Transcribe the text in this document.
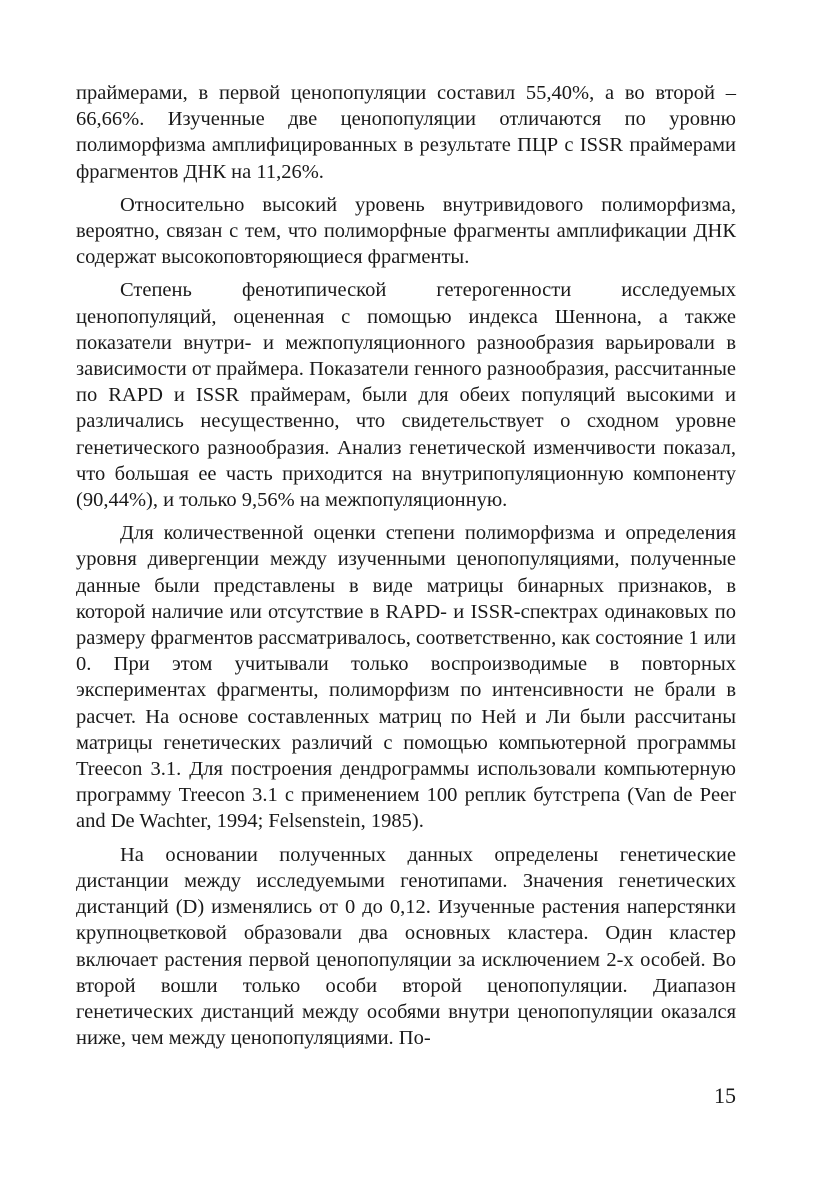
праймерами, в первой ценопопуляции составил 55,40%, а во второй – 66,66%. Изученные две ценопопуляции отличаются по уровню полиморфизма амплифицированных в результате ПЦР с ISSR праймерами фрагментов ДНК на 11,26%.

Относительно высокий уровень внутривидового полиморфизма, вероятно, связан с тем, что полиморфные фрагменты амплификации ДНК содержат высокоповторяющиеся фрагменты.

Степень фенотипической гетерогенности исследуемых ценопопуляций, оцененная с помощью индекса Шеннона, а также показатели внутри- и межпопуляционного разнообразия варьировали в зависимости от праймера. Показатели генного разнообразия, рассчитанные по RAPD и ISSR праймерам, были для обеих популяций высокими и различались несущественно, что свидетельствует о сходном уровне генетического разнообразия. Анализ генетической изменчивости показал, что большая ее часть приходится на внутрипопуляционную компоненту (90,44%), и только 9,56% на межпопуляционную.

Для количественной оценки степени полиморфизма и определения уровня дивергенции между изученными ценопопуляциями, полученные данные были представлены в виде матрицы бинарных признаков, в которой наличие или отсутствие в RAPD- и ISSR-спектрах одинаковых по размеру фрагментов рассматривалось, соответственно, как состояние 1 или 0. При этом учитывали только воспроизводимые в повторных экспериментах фрагменты, полиморфизм по интенсивности не брали в расчет. На основе составленных матриц по Ней и Ли были рассчитаны матрицы генетических различий с помощью компьютерной программы Treecon 3.1. Для построения дендрограммы использовали компьютерную программу Treecon 3.1 с применением 100 реплик бутстрепа (Van de Peer and De Wachter, 1994; Felsenstein, 1985).

На основании полученных данных определены генетические дистанции между исследуемыми генотипами. Значения генетических дистанций (D) изменялись от 0 до 0,12. Изученные растения наперстянки крупноцветковой образовали два основных кластера. Один кластер включает растения первой ценопопуляции за исключением 2-х особей. Во второй вошли только особи второй ценопопуляции. Диапазон генетических дистанций между особями внутри ценопопуляции оказался ниже, чем между ценопопуляциями. По-

15
